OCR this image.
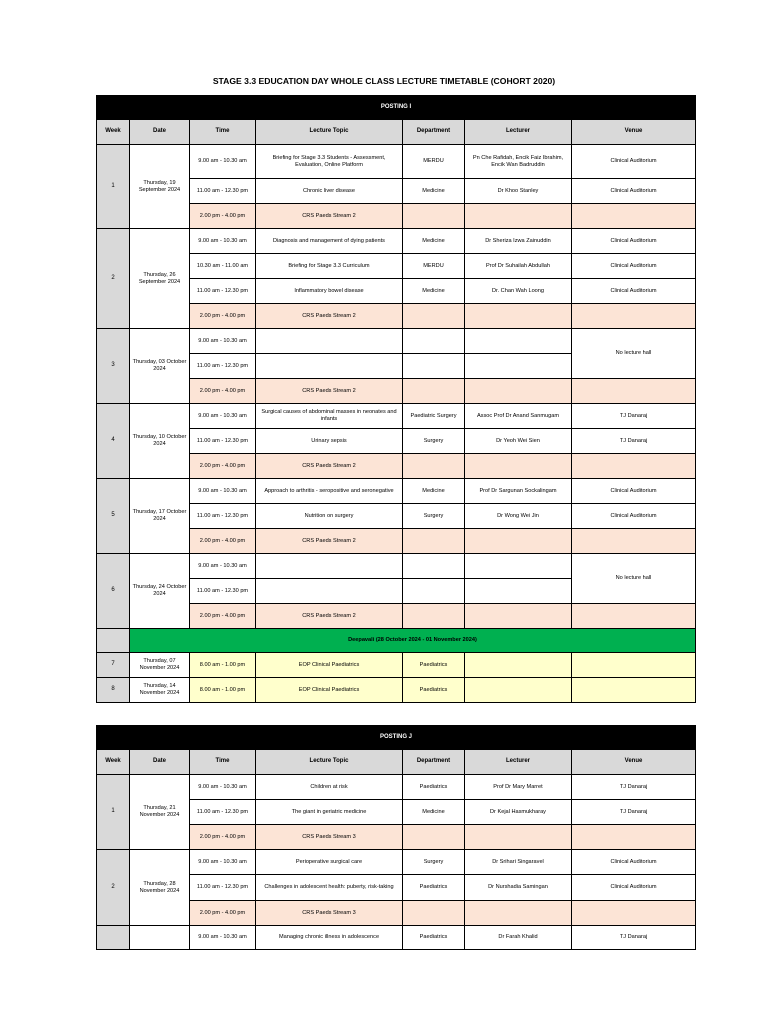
STAGE 3.3 EDUCATION DAY WHOLE CLASS LECTURE TIMETABLE (COHORT 2020)
POSTING I						
Week	Date	Time	Lecture Topic	Department	Lecturer	Venue
1	Thursday, 19 September 2024	9.00 am - 10.30 am	Briefing for Stage 3.3 Students - Assessment, Evaluation, Online Platform	MERDU	Pn Che Rafidah, Encik Faiz Ibrahim, Encik Wan Badruddin	Clinical Auditorium
		11.00 am - 12.30 pm	Chronic liver disease	Medicine	Dr Khoo Stanley	Clinical Auditorium
		2.00 pm - 4.00 pm	CRS Paeds Stream 2			
2	Thursday, 26 September 2024	9.00 am - 10.30 am	Diagnosis and management of dying patients	Medicine	Dr Sheriza Izwa Zainuddin	Clinical Auditorium
		10.30 am - 11.00 am	Briefing for Stage 3.3 Curriculum	MERDU	Prof Dr Suhailah Abdullah	Clinical Auditorium
		11.00 am - 12.30 pm	Inflammatory bowel disease	Medicine	Dr. Chan Wah Loong	Clinical Auditorium
		2.00 pm - 4.00 pm	CRS Paeds Stream 2			
3	Thursday, 03 October 2024	9.00 am - 10.30 am				No lecture hall
		11.00 am - 12.30 pm				
		2.00 pm - 4.00 pm	CRS Paeds Stream 2			
4	Thursday, 10 October 2024	9.00 am - 10.30 am	Surgical causes of abdominal masses in neonates and infants	Paediatric Surgery	Assoc Prof Dr Anand Sanmugam	TJ Danaraj
		11.00 am - 12.30 pm	Urinary sepsis	Surgery	Dr Yeoh Wei Sien	TJ Danaraj
		2.00 pm - 4.00 pm	CRS Paeds Stream 2			
5	Thursday, 17 October 2024	9.00 am - 10.30 am	Approach to arthritis - seropositive and seronegative	Medicine	Prof Dr Sargunan Sockalingam	Clinical Auditorium
		11.00 am - 12.30 pm	Nutrition on surgery	Surgery	Dr Wong Wei Jin	Clinical Auditorium
		2.00 pm - 4.00 pm	CRS Paeds Stream 2			
6	Thursday, 24 October 2024	9.00 am - 10.30 am				No lecture hall
		11.00 am - 12.30 pm				
		2.00 pm - 4.00 pm	CRS Paeds Stream 2			
	Deepavali (28 October 2024 - 01 November 2024)					
7	Thursday, 07 November 2024	8.00 am - 1.00 pm	EOP Clinical Paediatrics	Paediatrics		
8	Thursday, 14 November 2024	8.00 am - 1.00 pm	EOP Clinical Paediatrics	Paediatrics		
POSTING J						
Week	Date	Time	Lecture Topic	Department	Lecturer	Venue
1	Thursday, 21 November 2024	9.00 am - 10.30 am	Children at risk	Paediatrics	Prof Dr Mary Marret	TJ Danaraj
		11.00 am - 12.30 pm	The giant in geriatric medicine	Medicine	Dr Kejal Hasmukharay	TJ Danaraj
		2.00 pm - 4.00 pm	CRS Paeds Stream 3			
2	Thursday, 28 November 2024	9.00 am - 10.30 am	Perioperative surgical care	Surgery	Dr Srihari Singaravel	Clinical Auditorium
		11.00 am - 12.30 pm	Challenges in adolescent health: puberty, risk-taking	Paediatrics	Dr Nurshadia Samingan	Clinical Auditorium
		2.00 pm - 4.00 pm	CRS Paeds Stream 3			
		9.00 am - 10.30 am	Managing chronic illness in adolescence	Paediatrics	Dr Farah Khalid	TJ Danaraj
